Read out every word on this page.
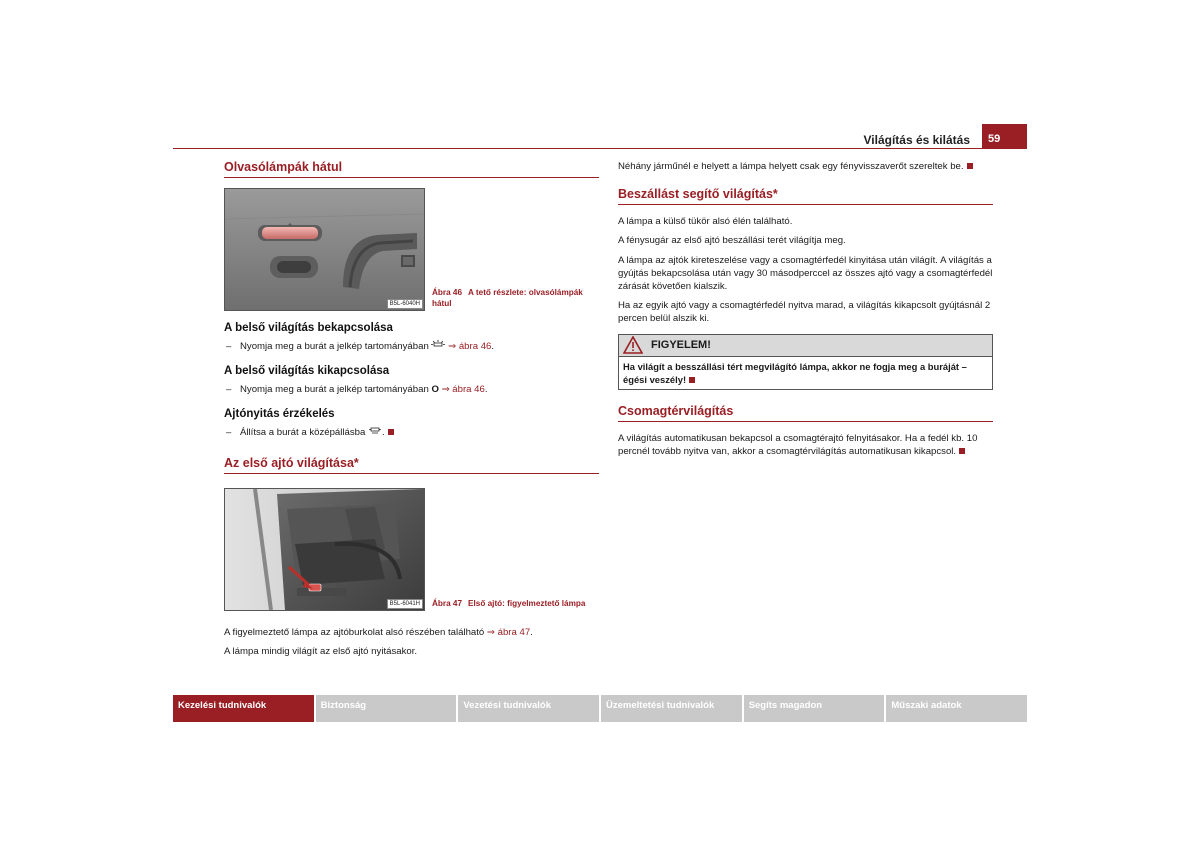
Világítás és kilátás	59
Olvasólámpák hátul
B5L-6040H
Ábra 46 A tető részlete: olvasólámpák hátul
A belső világítás bekapcsolása
– Nyomja meg a burát a jelkép tartományában ⇒ ábra 46.
A belső világítás kikapcsolása
– Nyomja meg a burát a jelkép tartományában O ⇒ ábra 46.
Ajtónyitás érzékelés
– Állítsa a burát a középállásba .
Az első ajtó világítása*
B5L-6041H	Ábra 47 Első ajtó: figyelmeztető lámpa

A figyelmeztető lámpa az ajtóburkolat alsó részében található ⇒ ábra 47.

A lámpa mindig világít az első ajtó nyitásakor.

Néhány járműnél e helyett a lámpa helyett csak egy fényvisszaverőt szereltek be.

Beszállást segítő világítás*

A lámpa a külső tükör alsó élén található.

A fénysugár az első ajtó beszállási terét világítja meg.

A lámpa az ajtók kireteszelése vagy a csomagtérfedél kinyitása után világít. A világítás a gyújtás bekapcsolása után vagy 30 másodperccel az összes ajtó vagy a csomagtérfedél zárását követően kialszik.

Ha az egyik ajtó vagy a csomagtérfedél nyitva marad, a világítás kikapcsolt gyújtásnál 2 percen belül alszik ki.

FIGYELEM!
Ha világít a besszállási tért megvilágító lámpa, akkor ne fogja meg a buráját – égési veszély!
Csomagtérvilágítás

A világítás automatikusan bekapcsol a csomagtérajtó felnyitásakor. Ha a fedél kb. 10 percnél tovább nyitva van, akkor a csomagtérvilágítás automatikusan kikapcsol.

Kezelési tudnivalók	Biztonság	Vezetési tudnivalók	Üzemeltetési tudnivalók	Segíts magadon	Műszaki adatok
